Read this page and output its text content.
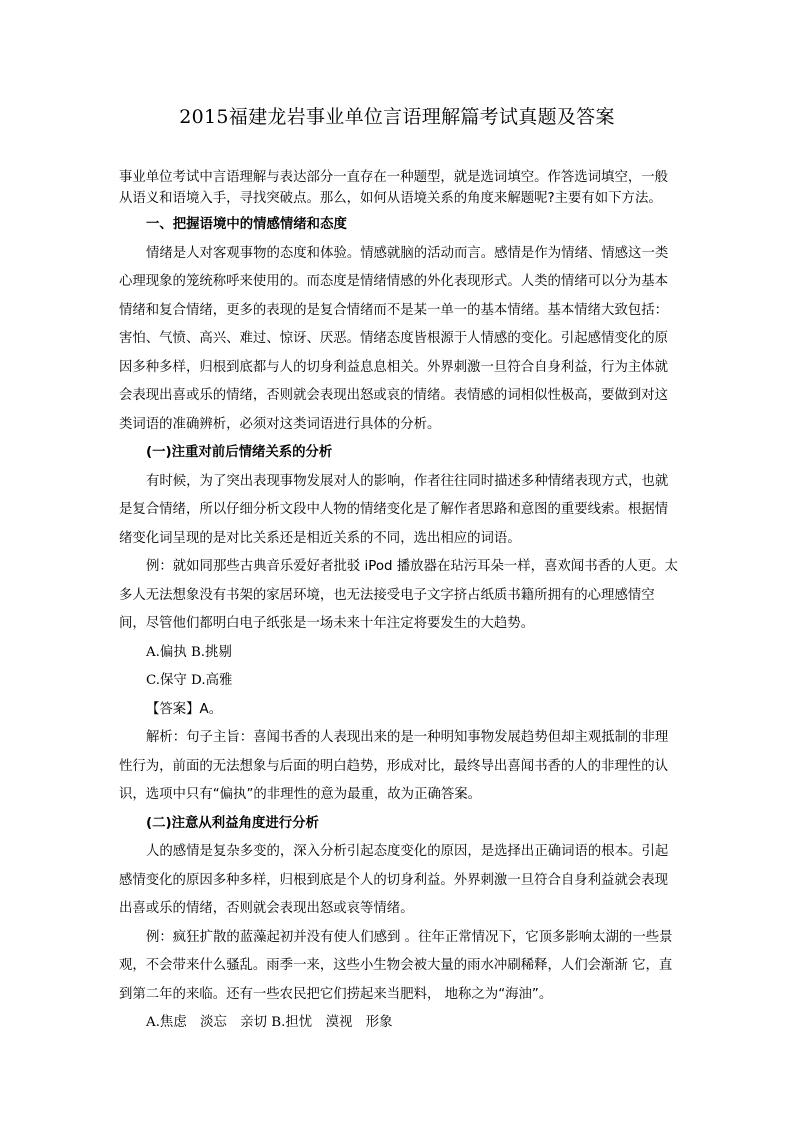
2015福建龙岩事业单位言语理解篇考试真题及答案

事业单位考试中言语理解与表达部分一直存在一种题型，就是选词填空。作答选词填空，一般从语义和语境入手，寻找突破点。那么，如何从语境关系的角度来解题呢?主要有如下方法。

一、把握语境中的情感情绪和态度

情绪是人对客观事物的态度和体验。情感就脑的活动而言。感情是作为情绪、情感这一类心理现象的笼统称呼来使用的。而态度是情绪情感的外化表现形式。人类的情绪可以分为基本情绪和复合情绪，更多的表现的是复合情绪而不是某一单一的基本情绪。基本情绪大致包括：害怕、气愤、高兴、难过、惊讶、厌恶。情绪态度皆根源于人情感的变化。引起感情变化的原因多种多样，归根到底都与人的切身利益息息相关。外界刺激一旦符合自身利益，行为主体就会表现出喜或乐的情绪，否则就会表现出怒或哀的情绪。表情感的词相似性极高，要做到对这类词语的准确辨析，必须对这类词语进行具体的分析。

(一)注重对前后情绪关系的分析

有时候，为了突出表现事物发展对人的影响，作者往往同时描述多种情绪表现方式，也就是复合情绪，所以仔细分析文段中人物的情绪变化是了解作者思路和意图的重要线索。根据情绪变化词呈现的是对比关系还是相近关系的不同，选出相应的词语。

例：就如同那些古典音乐爱好者批驳 iPod 播放器在玷污耳朵一样，喜欢闻书香的人更。太多人无法想象没有书架的家居环境，也无法接受电子文字挤占纸质书籍所拥有的心理感情空间，尽管他们都明白电子纸张是一场未来十年注定将要发生的大趋势。

A.偏执 B.挑剔

C.保守 D.高雅

【答案】A。

解析：句子主旨：喜闻书香的人表现出来的是一种明知事物发展趋势但却主观抵制的非理性行为，前面的无法想象与后面的明白趋势，形成对比，最终导出喜闻书香的人的非理性的认识，选项中只有“偏执”的非理性的意为最重，故为正确答案。

(二)注意从利益角度进行分析

人的感情是复杂多变的，深入分析引起态度变化的原因，是选择出正确词语的根本。引起感情变化的原因多种多样，归根到底是个人的切身利益。外界刺激一旦符合自身利益就会表现出喜或乐的情绪，否则就会表现出怒或哀等情绪。

例：疯狂扩散的蓝藻起初并没有使人们感到 。往年正常情况下，它顶多影响太湖的一些景观，不会带来什么骚乱。雨季一来，这些小生物会被大量的雨水冲刷稀释，人们会渐渐 它，直到第二年的来临。还有一些农民把它们捞起来当肥料， 地称之为“海油”。

A.焦虑　淡忘　亲切 B.担忧　漠视　形象
